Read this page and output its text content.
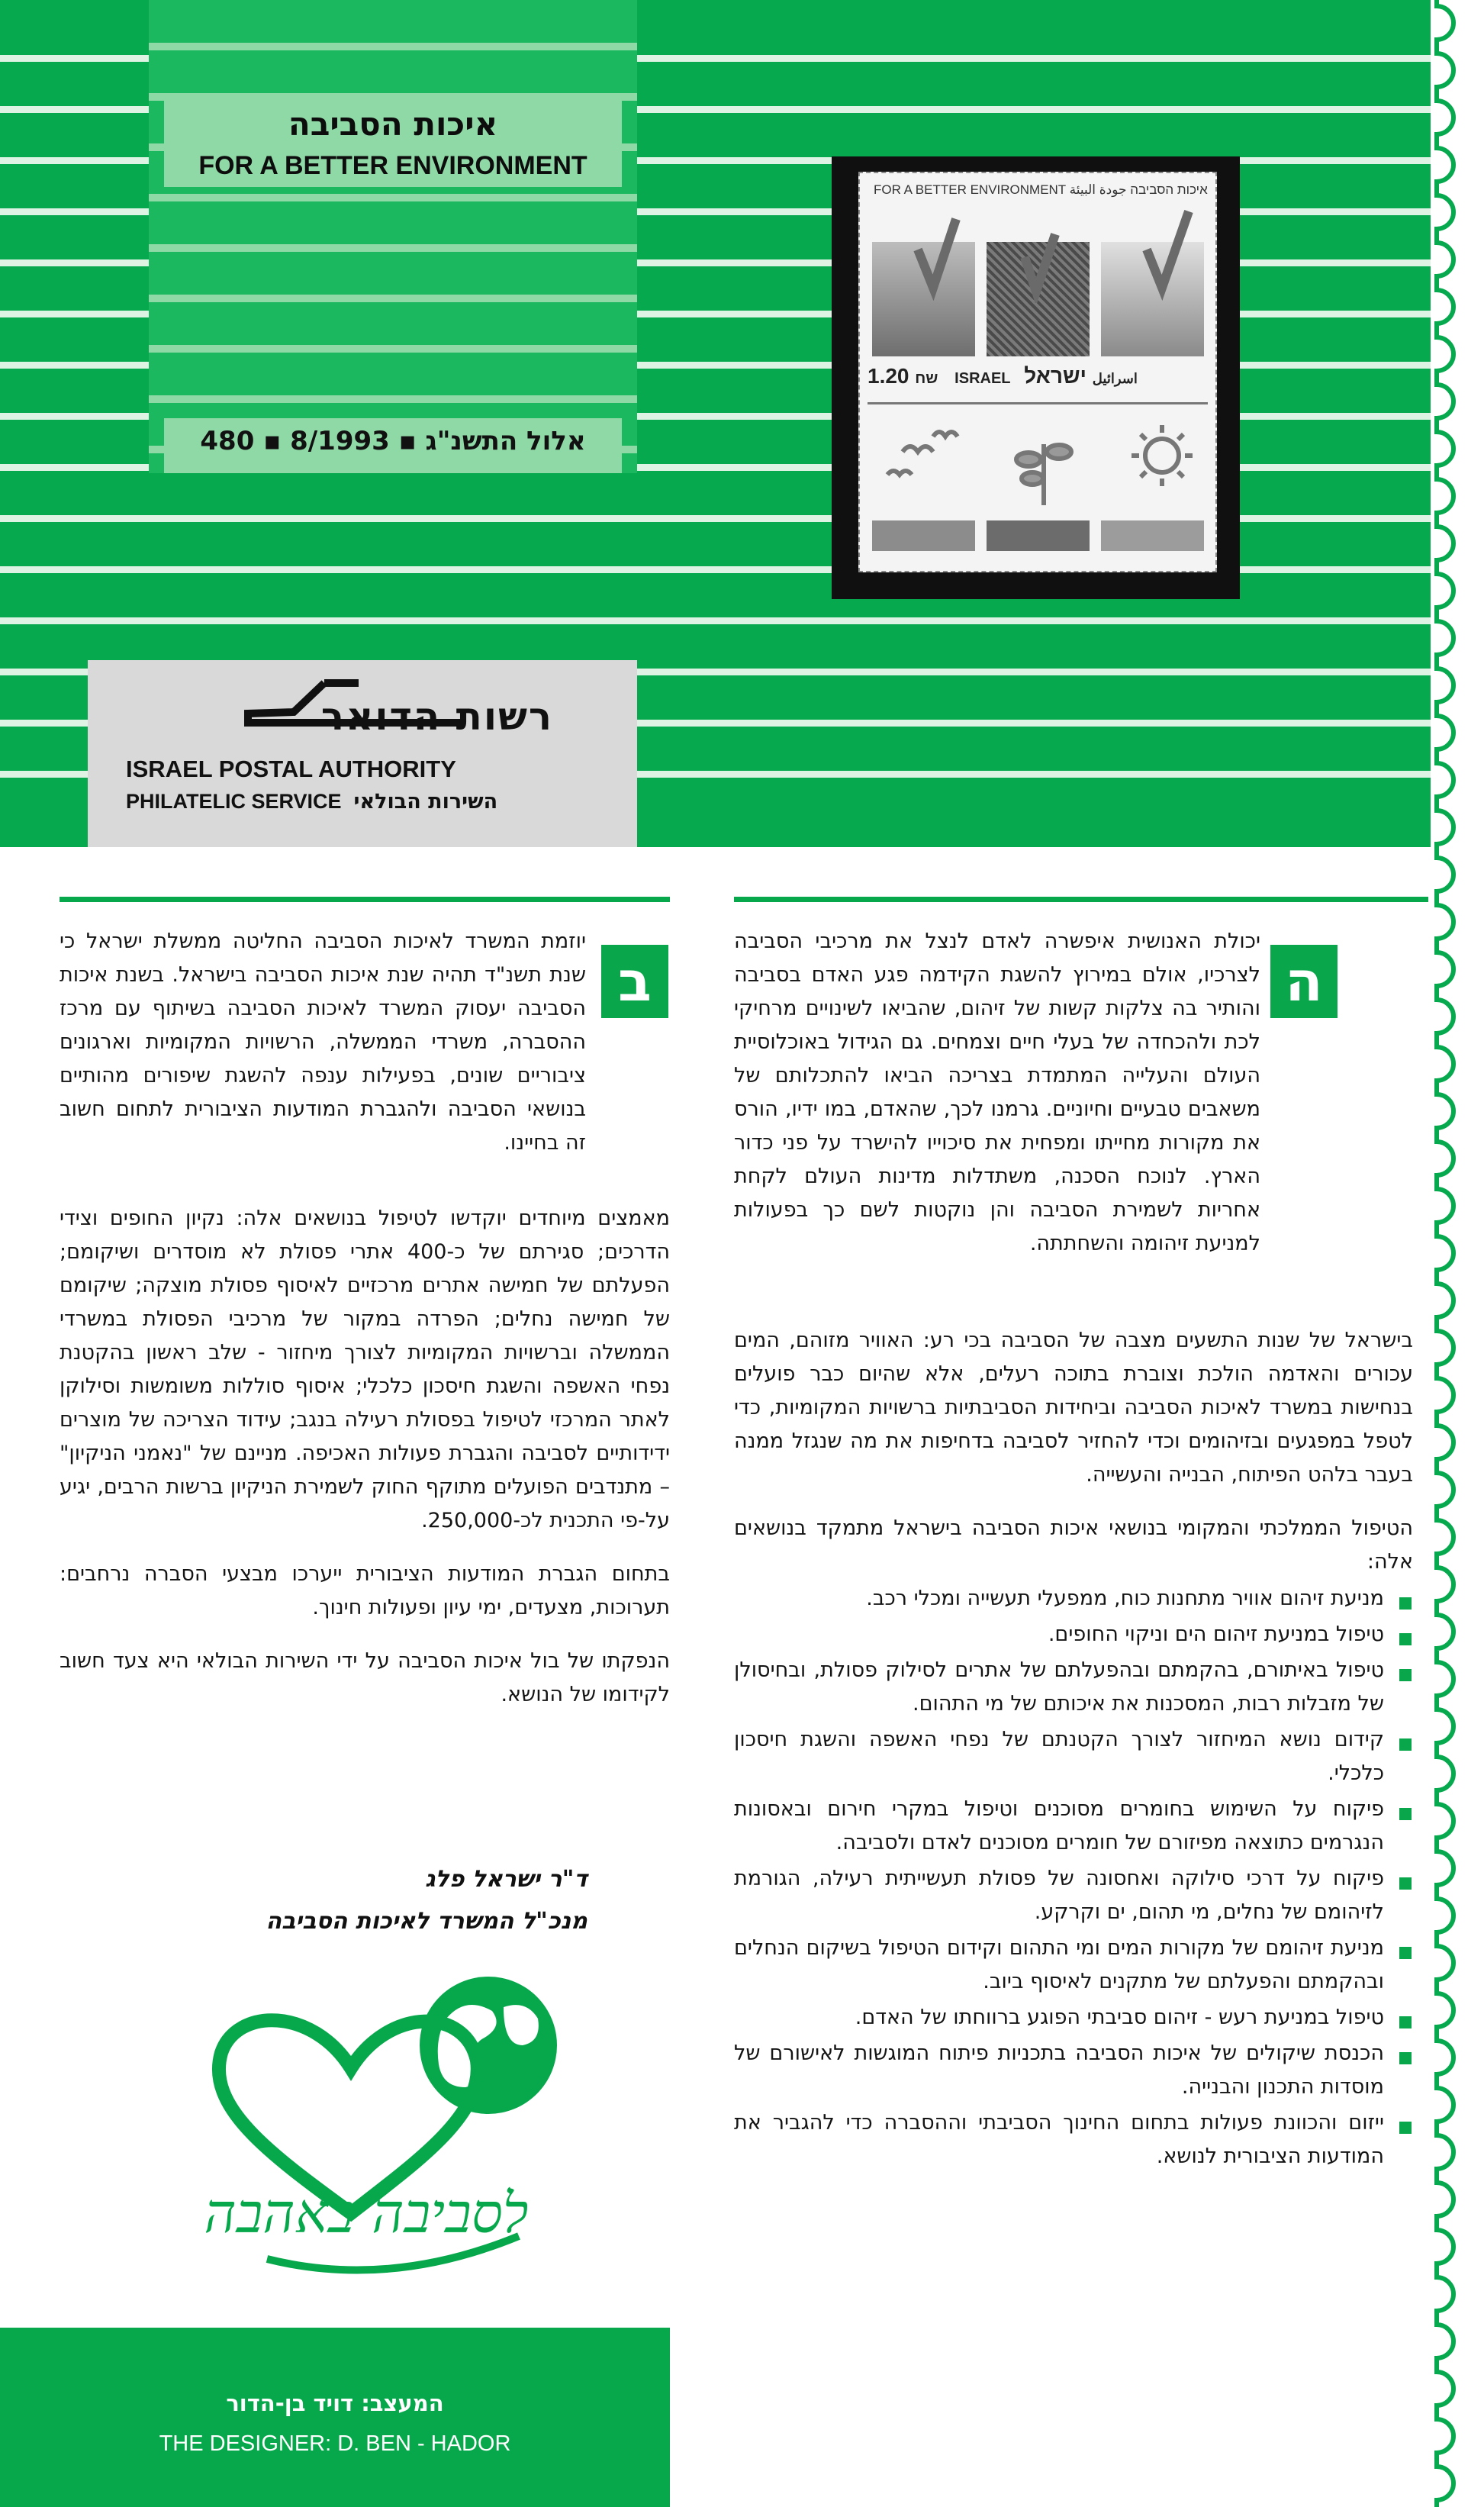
איכות הסביבה
FOR A BETTER ENVIRONMENT
אלול התשנ"ג ▪ 8/1993 ▪ 480
FOR A BETTER ENVIRONMENT איכות הסביבה جودة البيئة
1.20 שח ISRAEL	اسرائيل ישראל
רשות הדואר
ISRAEL POSTAL AUTHORITY
PHILATELIC SERVICE השירות הבולאי
ה

יכולת האנושית איפשרה לאדם לנצל את מרכיבי הסביבה לצרכיו, אולם במירוץ להשגת הקידמה פגע האדם בסביבה והותיר בה צלקות קשות של זיהום, שהביאו לשינויים מרחיקי לכת ולהכחדה של בעלי חיים וצמחים. גם הגידול באוכלוסיית העולם והעלייה המתמדת בצריכה הביאו להתכלותם של משאבים טבעיים וחיוניים. גרמנו לכך, שהאדם, במו ידיו, הורס את מקורות מחייתו ומפחית את סיכוייו להישרד על פני כדור הארץ. לנוכח הסכנה, משתדלות מדינות העולם לקחת אחריות לשמירת הסביבה והן נוקטות לשם כך בפעולות למניעת זיהומה והשחתתה.

בישראל של שנות התשעים מצבה של הסביבה בכי רע: האוויר מזוהם, המים עכורים והאדמה הולכת וצוברת בתוכה רעלים, אלא שהיום כבר פועלים בנחישות במשרד לאיכות הסביבה וביחידות הסביבתיות ברשויות המקומיות, כדי לטפל במפגעים ובזיהומים וכדי להחזיר לסביבה בדחיפות את מה שנגזל ממנה בעבר בלהט הפיתוח, הבנייה והעשייה.

הטיפול הממלכתי והמקומי בנושאי איכות הסביבה בישראל מתמקד בנושאים אלה:

מניעת זיהום אוויר מתחנות כוח, ממפעלי תעשייה ומכלי רכב.
טיפול במניעת זיהום הים וניקוי החופים.
טיפול באיתורם, בהקמתם ובהפעלתם של אתרים לסילוק פסולת, ובחיסולן של מזבלות רבות, המסכנות את איכותם של מי התהום.
קידום נושא המיחזור לצורך הקטנתם של נפחי האשפה והשגת חיסכון כלכלי.
פיקוח על השימוש בחומרים מסוכנים וטיפול במקרי חירום ובאסונות הנגרמים כתוצאה מפיזורם של חומרים מסוכנים לאדם ולסביבה.
פיקוח על דרכי סילוקה ואחסונה של פסולת תעשייתית רעילה, הגורמת לזיהומם של נחלים, מי תהום, ים וקרקע.
מניעת זיהומם של מקורות המים ומי התהום וקידום הטיפול בשיקום הנחלים ובהקמתם והפעלתם של מתקנים לאיסוף ביוב.
טיפול במניעת רעש - זיהום סביבתי הפוגע ברווחתו של האדם.
הכנסת שיקולים של איכות הסביבה בתכניות פיתוח המוגשות לאישורם של מוסדות התכנון והבנייה.
ייזום והכוונת פעולות בתחום החינוך הסביבתי וההסברה כדי להגביר את המודעות הציבורית לנושא.
ב

יוזמת המשרד לאיכות הסביבה החליטה ממשלת ישראל כי שנת תשנ"ד תהיה שנת איכות הסביבה בישראל. בשנת איכות הסביבה יעסוק המשרד לאיכות הסביבה בשיתוף עם מרכז ההסברה, משרדי הממשלה, הרשויות המקומיות וארגונים ציבוריים שונים, בפעילות ענפה להשגת שיפורים מהותיים בנושאי הסביבה ולהגברת המודעות הציבורית לתחום חשוב זה בחיינו.

מאמצים מיוחדים יוקדשו לטיפול בנושאים אלה: נקיון החופים וצידי הדרכים; סגירתם של כ-400 אתרי פסולת לא מוסדרים ושיקומם; הפעלתם של חמישה אתרים מרכזיים לאיסוף פסולת מוצקה; שיקומם של חמישה נחלים; הפרדה במקור של מרכיבי הפסולת במשרדי הממשלה וברשויות המקומיות לצורך מיחזור - שלב ראשון בהקטנת נפחי האשפה והשגת חיסכון כלכלי; איסוף סוללות משומשות וסילוקן לאתר המרכזי לטיפול בפסולת רעילה בנגב; עידוד הצריכה של מוצרים ידידותיים לסביבה והגברת פעולות האכיפה. מניינם של "נאמני הניקיון" – מתנדבים הפועלים מתוקף החוק לשמירת הניקיון ברשות הרבים, יגיע על-פי התכנית לכ-250,000.

בתחום הגברת המודעות הציבורית ייערכו מבצעי הסברה נרחבים: תערוכות, מצעדים, ימי עיון ופעולות חינוך.

הנפקתו של בול איכות הסביבה על ידי השירות הבולאי היא צעד חשוב לקידומו של הנושא.

ד"ר ישראל פלג
מנכ"ל המשרד לאיכות הסביבה
לסביבה באהבה
המעצב: דויד בן-הדור
THE DESIGNER: D. BEN - HADOR
